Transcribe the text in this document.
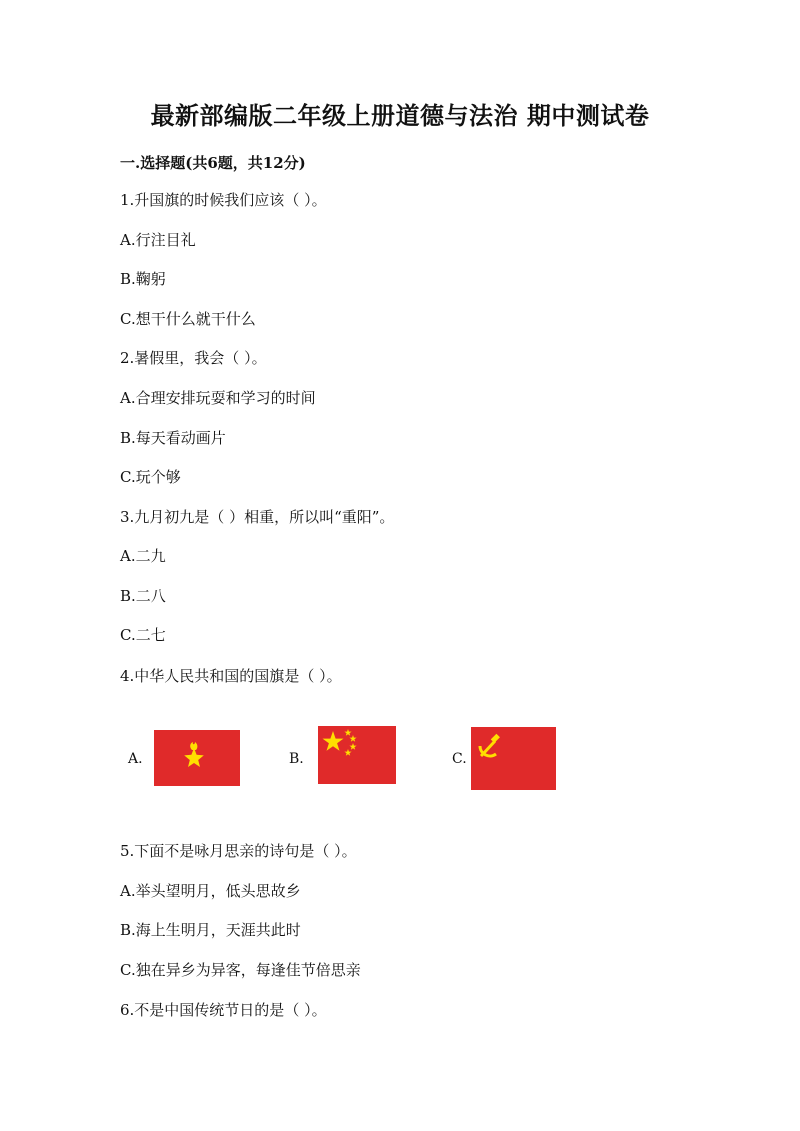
最新部编版二年级上册道德与法治 期中测试卷
一.选择题(共6题，共12分)
1.升国旗的时候我们应该（ ）。
A.行注目礼
B.鞠躬
C.想干什么就干什么
2.暑假里，我会（ ）。
A.合理安排玩耍和学习的时间
B.每天看动画片
C.玩个够
3.九月初九是（ ）相重，所以叫“重阳”。
A.二九
B.二八
C.二七
4.中华人民共和国的国旗是（ ）。
A.	B.	C.
5.下面不是咏月思亲的诗句是（ ）。
A.举头望明月，低头思故乡
B.海上生明月，天涯共此时
C.独在异乡为异客，每逢佳节倍思亲
6.不是中国传统节日的是（ ）。
